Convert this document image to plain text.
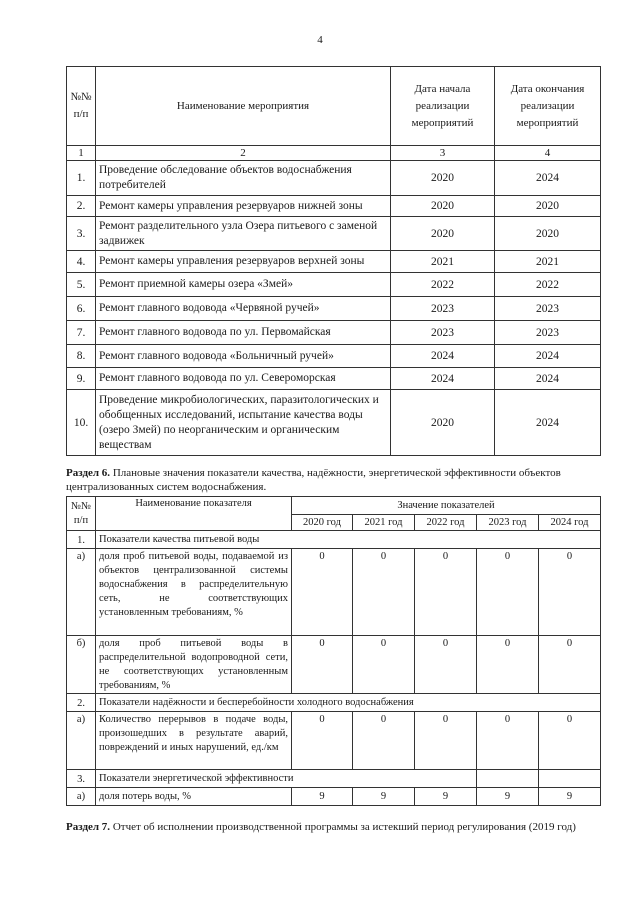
4
№№ п/п	Наименование мероприятия	Дата начала реализации мероприятий	Дата окончания реализации мероприятий
1	2	3	4
1.	Проведение обследование объектов водоснабжения потребителей	2020	2024
2.	Ремонт камеры управления резервуаров нижней зоны	2020	2020
3.	Ремонт разделительного узла Озера питьевого с заменой задвижек	2020	2020
4.	Ремонт камеры управления резервуаров верхней зоны	2021	2021
5.	Ремонт приемной камеры озера «Змей»	2022	2022
6.	Ремонт главного водовода «Червяной ручей»	2023	2023
7.	Ремонт главного водовода по ул. Первомайская	2023	2023
8.	Ремонт главного водовода «Больничный ручей»	2024	2024
9.	Ремонт главного водовода по ул. Североморская	2024	2024
10.	Проведение микробиологических, паразитологических и обобщенных исследований, испытание качества воды (озеро Змей) по неорганическим и органическим веществам	2020	2024
Раздел 6. Плановые значения показатели качества, надёжности, энергетической эффективности объектов централизованных систем водоснабжения.
№№ п/п	Наименование показателя	Значение показателей				
		2020 год	2021 год	2022 год	2023 год	2024 год
1.	Показатели качества питьевой воды					
а)	доля проб питьевой воды, подаваемой из объектов централизованной системы водоснабжения в распределительную сеть, не соответствующих установленным требованиям, %	0	0	0	0	0
б)	доля проб питьевой воды в распределительной водопроводной сети, не соответствующих установленным требованиям, %	0	0	0	0	0
2.	Показатели надёжности и бесперебойности холодного водоснабжения					
а)	Количество перерывов в подаче воды, произошедших в результате аварий, повреждений и иных нарушений, ед./км	0	0	0	0	0
3.	Показатели энергетической эффективности					
а)	доля потерь воды, %	9	9	9	9	9
Раздел 7. Отчет об исполнении производственной программы за истекший период регулирования (2019 год)
